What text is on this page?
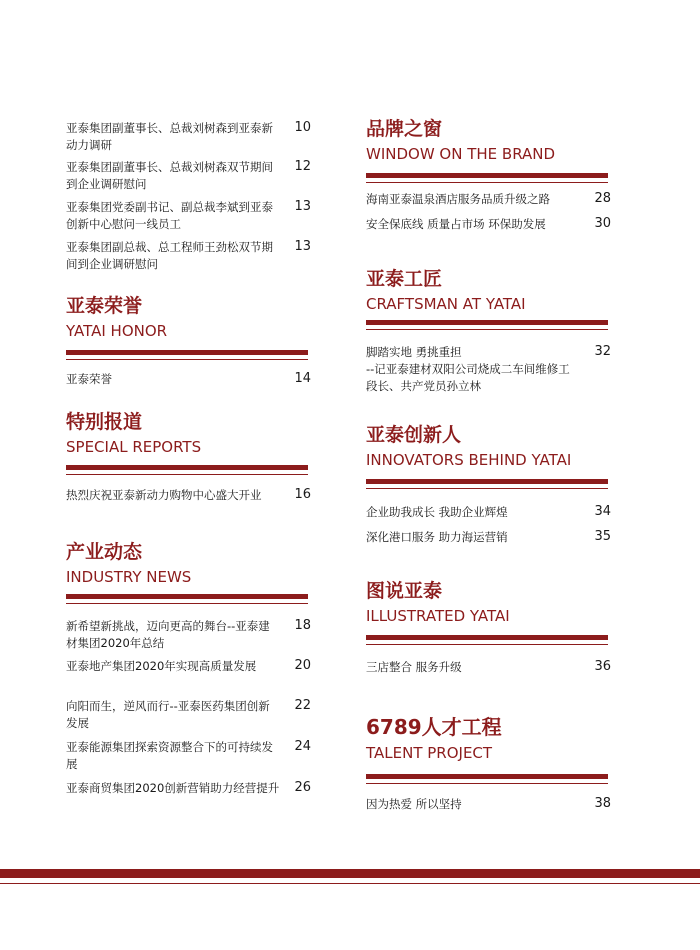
亚泰集团副董事长、总裁刘树森到亚泰新动力调研
10
亚泰集团副董事长、总裁刘树森双节期间到企业调研慰问
12
亚泰集团党委副书记、副总裁李斌到亚泰创新中心慰问一线员工
13
亚泰集团副总裁、总工程师王劲松双节期间到企业调研慰问
13
亚泰荣誉
YATAI HONOR
亚泰荣誉	14
特别报道
SPECIAL REPORTS
热烈庆祝亚泰新动力购物中心盛大开业	16
产业动态
INDUSTRY NEWS
新希望新挑战，迈向更高的舞台--亚泰建材集团2020年总结
18
亚泰地产集团2020年实现高质量发展	20
向阳而生，逆风而行--亚泰医药集团创新发展
22
亚泰能源集团探索资源整合下的可持续发展
24
亚泰商贸集团2020创新营销助力经营提升 26
品牌之窗
WINDOW ON THE BRAND
海南亚泰温泉酒店服务品质升级之路	28
安全保底线 质量占市场 环保助发展	30
亚泰工匠
CRAFTSMAN AT YATAI
脚踏实地 勇挑重担
--记亚泰建材双阳公司烧成二车间维修工段长、共产党员孙立林
32
亚泰创新人
INNOVATORS BEHIND YATAI
企业助我成长 我助企业辉煌	34
深化港口服务 助力海运营销	35
图说亚泰
ILLUSTRATED YATAI
三店整合 服务升级	36
6789人才工程
TALENT PROJECT
因为热爱 所以坚持	38
